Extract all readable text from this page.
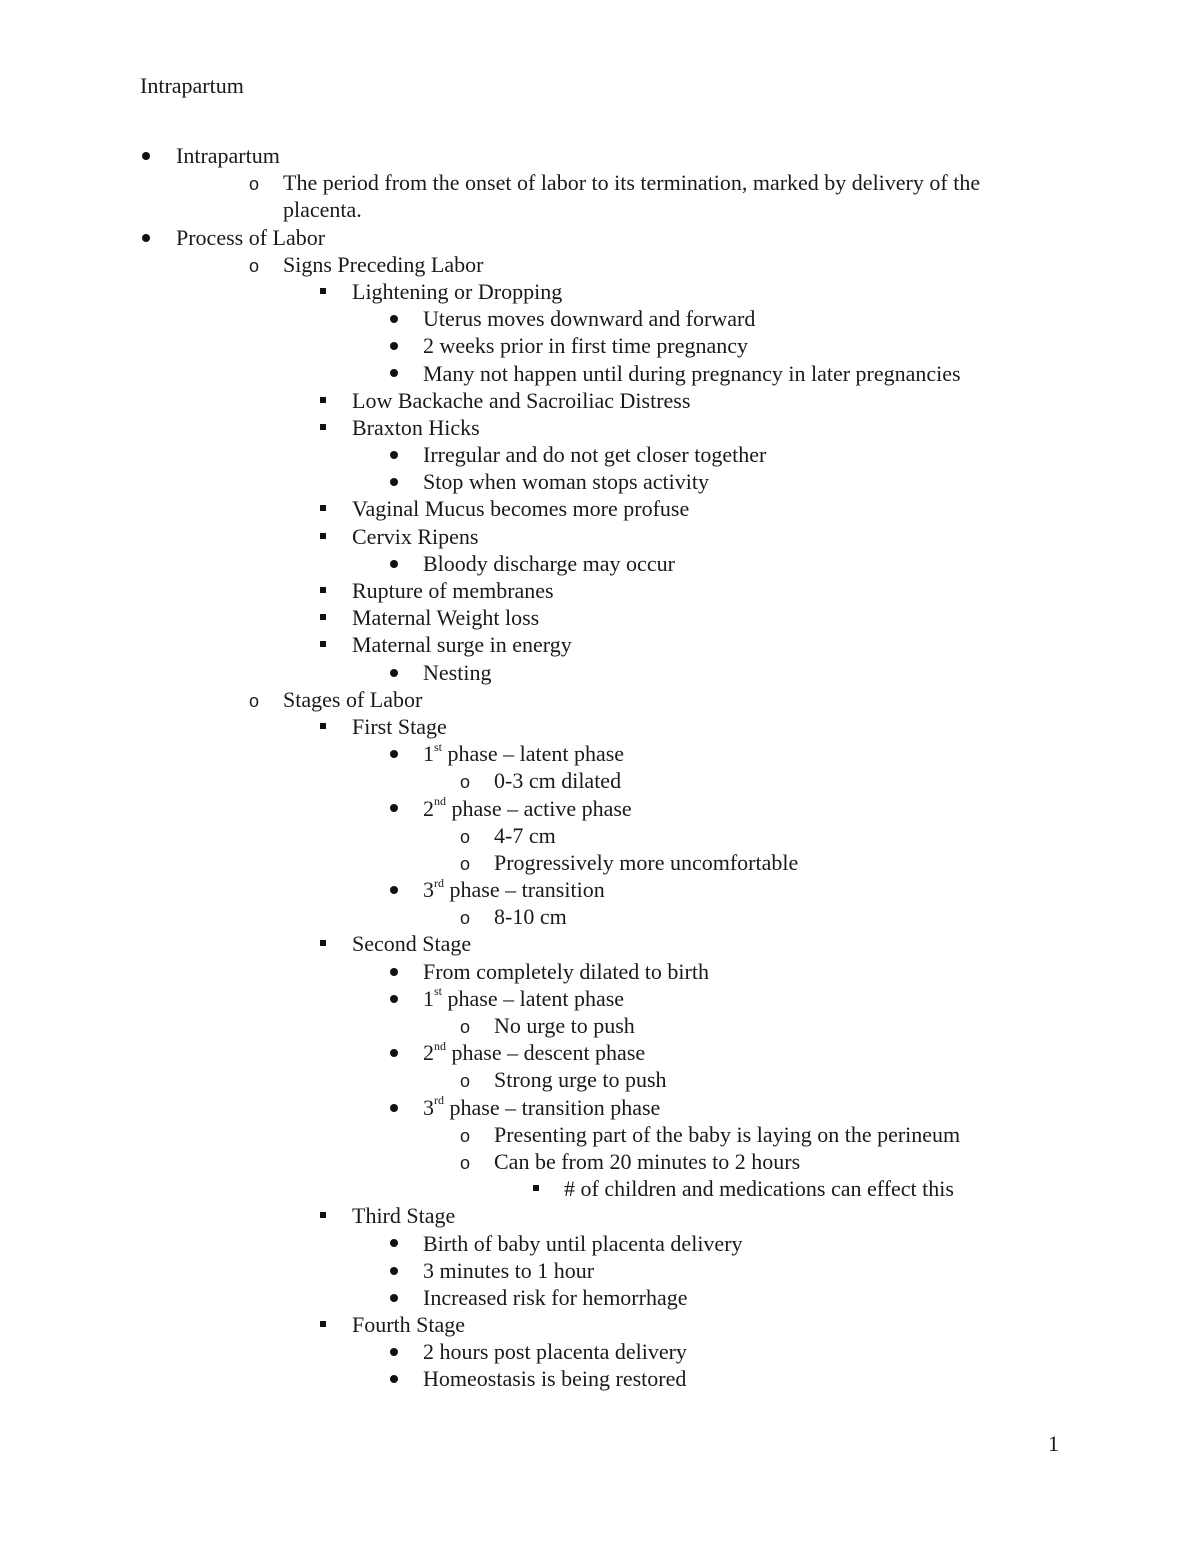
Intrapartum
Intrapartum
o
The period from the onset of labor to its termination, marked by delivery of the
placenta.
Process of Labor
o
Signs Preceding Labor
Lightening or Dropping
Uterus moves downward and forward
2 weeks prior in first time pregnancy
Many not happen until during pregnancy in later pregnancies
Low Backache and Sacroiliac Distress
Braxton Hicks
Irregular and do not get closer together
Stop when woman stops activity
Vaginal Mucus becomes more profuse
Cervix Ripens
Bloody discharge may occur
Rupture of membranes
Maternal Weight loss
Maternal surge in energy
Nesting
o
Stages of Labor
First Stage
1st phase – latent phase
o
0-3 cm dilated
2nd phase – active phase
o
4-7 cm
o
Progressively more uncomfortable
3rd phase – transition
o
8-10 cm
Second Stage
From completely dilated to birth
1st phase – latent phase
o
No urge to push
2nd phase – descent phase
o
Strong urge to push
3rd phase – transition phase
o
Presenting part of the baby is laying on the perineum
o
Can be from 20 minutes to 2 hours
# of children and medications can effect this
Third Stage
Birth of baby until placenta delivery
3 minutes to 1 hour
Increased risk for hemorrhage
Fourth Stage
2 hours post placenta delivery
Homeostasis is being restored
1
